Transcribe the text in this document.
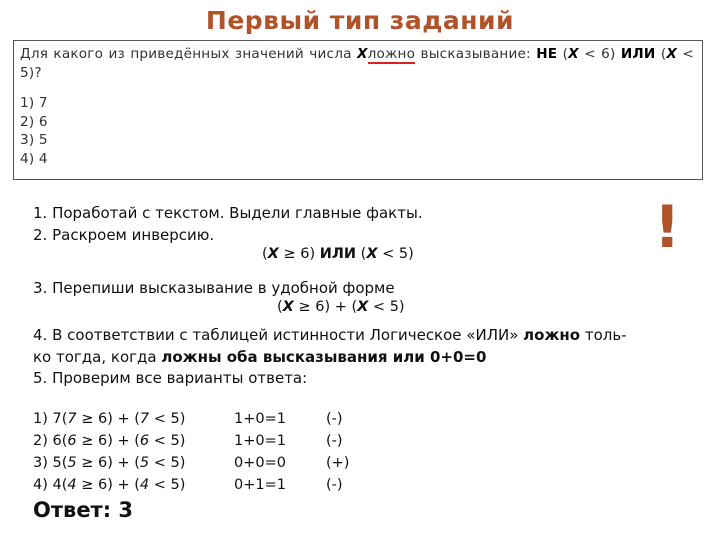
Первый тип заданий
Для какого из приведённых значений числа Xложно высказывание: НЕ (X < 6) ИЛИ (X < 5)?
1) 7
2) 6
3) 5
4) 4
!
1. Поработай с текстом. Выдели главные факты.
2. Раскроем инверсию.
(X ≥ 6) ИЛИ (X < 5)
3. Перепиши высказывание в удобной форме
(X ≥ 6) + (X < 5)
4. В соответствии с таблицей истинности Логическое «ИЛИ» ложно толь-
ко тогда, когда ложны оба высказывания или 0+0=0
5. Проверим все варианты ответа:
1) 7(7 ≥ 6) + (7 < 5)	1+0=1	(-)
2) 6(6 ≥ 6) + (6 < 5)	1+0=1	(-)
3) 5(5 ≥ 6) + (5 < 5)	0+0=0	(+)
4) 4(4 ≥ 6) + (4 < 5)	0+1=1	(-)
Ответ: 3
